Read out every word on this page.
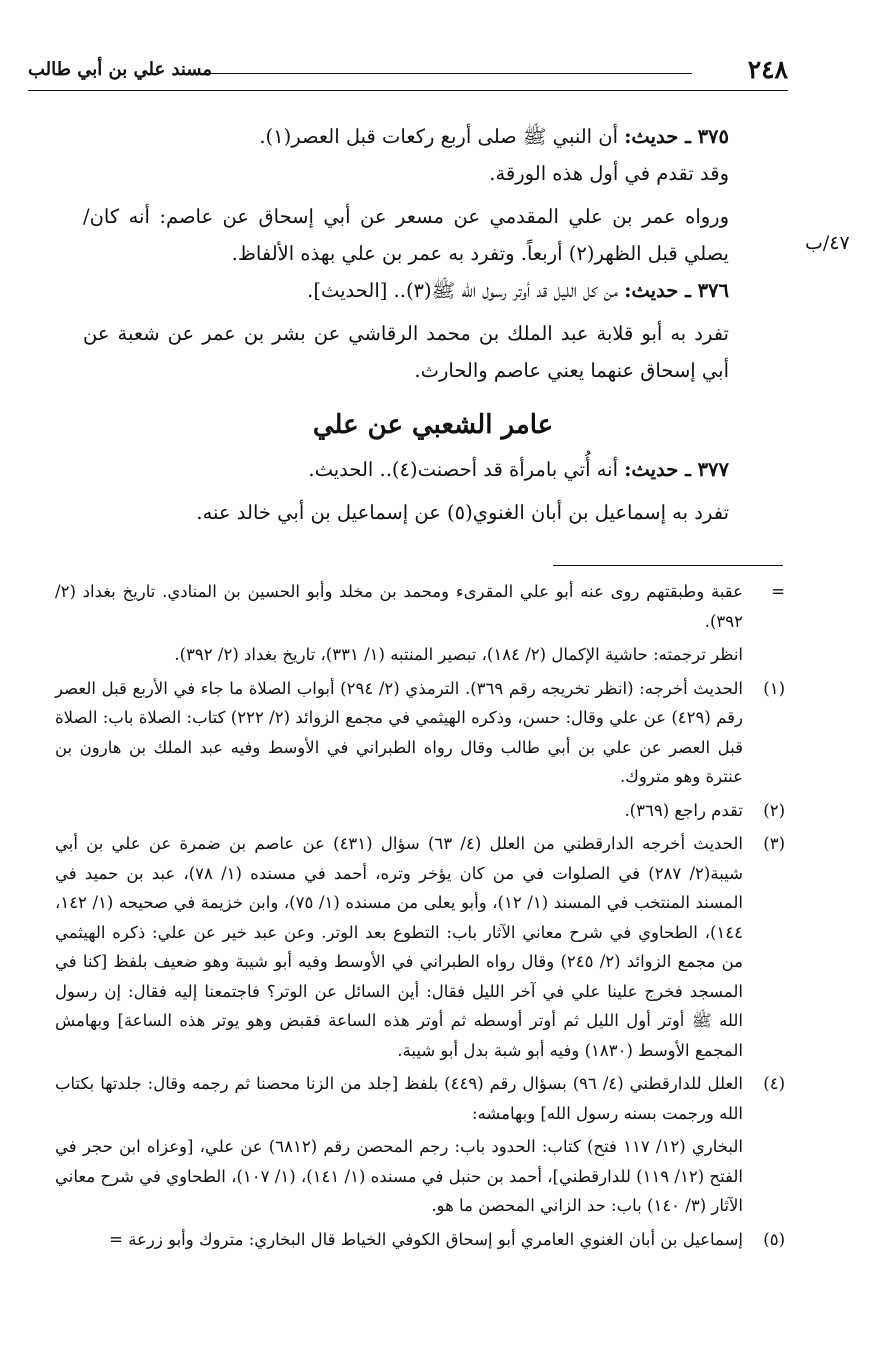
٢٤٨
مسند علي بن أبي طالب
٤٧/ب

٣٧٥ ـ حديث: أن النبي ﷺ صلى أربع ركعات قبل العصر(١).

وقد تقدم في أول هذه الورقة.

ورواه عمر بن علي المقدمي عن مسعر عن أبي إسحاق عن عاصم: أنه كان/ يصلي قبل الظهر(٢) أربعاً. وتفرد به عمر بن علي بهذه الألفاظ.

٣٧٦ ـ حديث: من كل الليل قد أوتر رسول الله ﷺ(٣).. [الحديث].

تفرد به أبو قلابة عبد الملك بن محمد الرقاشي عن بشر بن عمر عن شعبة عن أبي إسحاق عنهما يعني عاصم والحارث.

عامر الشعبي عن علي

٣٧٧ ـ حديث: أنه أُتي بامرأة قد أحصنت(٤).. الحديث.

تفرد به إسماعيل بن أبان الغنوي(٥) عن إسماعيل بن أبي خالد عنه.

=
عقبة وطبقتهم روى عنه أبو علي المقرىء ومحمد بن مخلد وأبو الحسين بن المنادي. تاريخ بغداد (٢/ ٣٩٢).
انظر ترجمته: حاشية الإكمال (٢/ ١٨٤)، تبصير المنتبه (١/ ٣٣١)، تاريخ بغداد (٢/ ٣٩٢).
(١)
الحديث أخرجه: (انظر تخريجه رقم ٣٦٩). الترمذي (٢/ ٢٩٤) أبواب الصلاة ما جاء في الأربع قبل العصر رقم (٤٢٩) عن علي وقال: حسن، وذكره الهيثمي في مجمع الزوائد (٢/ ٢٢٢) كتاب: الصلاة باب: الصلاة قبل العصر عن علي بن أبي طالب وقال رواه الطبراني في الأوسط وفيه عبد الملك بن هارون بن عنترة وهو متروك.
(٢)
تقدم راجع (٣٦٩).
(٣)
الحديث أخرجه الدارقطني من العلل (٤/ ٦٣) سؤال (٤٣١) عن عاصم بن ضمرة عن علي بن أبي شيبة(٢/ ٢٨٧) في الصلوات في من كان يؤخر وتره، أحمد في مسنده (١/ ٧٨)، عبد بن حميد في المسند المنتخب في المسند (١/ ١٢)، وأبو يعلى من مسنده (١/ ٧٥)، وابن خزيمة في صحيحه (١/ ١٤٢، ١٤٤)، الطحاوي في شرح معاني الآثار باب: التطوع بعد الوتر. وعن عبد خير عن علي: ذكره الهيثمي من مجمع الزوائد (٢/ ٢٤٥) وقال رواه الطبراني في الأوسط وفيه أبو شيبة وهو ضعيف بلفظ [كنا في المسجد فخرج علينا علي في آخر الليل فقال: أين السائل عن الوتر؟ فاجتمعنا إليه فقال: إن رسول الله ﷺ أوتر أول الليل ثم أوتر أوسطه ثم أوتر هذه الساعة فقبض وهو يوتر هذه الساعة] وبهامش المجمع الأوسط (١٨٣٠) وفيه أبو شبة بدل أبو شيبة.
(٤)
العلل للدارقطني (٤/ ٩٦) بسؤال رقم (٤٤٩) بلفظ [جلد من الزنا محصنا ثم رجمه وقال: جلدتها بكتاب الله ورجمت بسنه رسول الله] وبهامشه:
البخاري (١٢/ ١١٧ فتح) كتاب: الحدود باب: رجم المحصن رقم (٦٨١٢) عن علي، [وعزاه ابن حجر في الفتح (١٢/ ١١٩) للدارقطني]، أحمد بن حنبل في مسنده (١/ ١٤١)، (١/ ١٠٧)، الطحاوي في شرح معاني الآثار (٣/ ١٤٠) باب: حد الزاني المحصن ما هو.
(٥)
إسماعيل بن أبان الغنوي العامري أبو إسحاق الكوفي الخياط قال البخاري: متروك وأبو زرعة =
